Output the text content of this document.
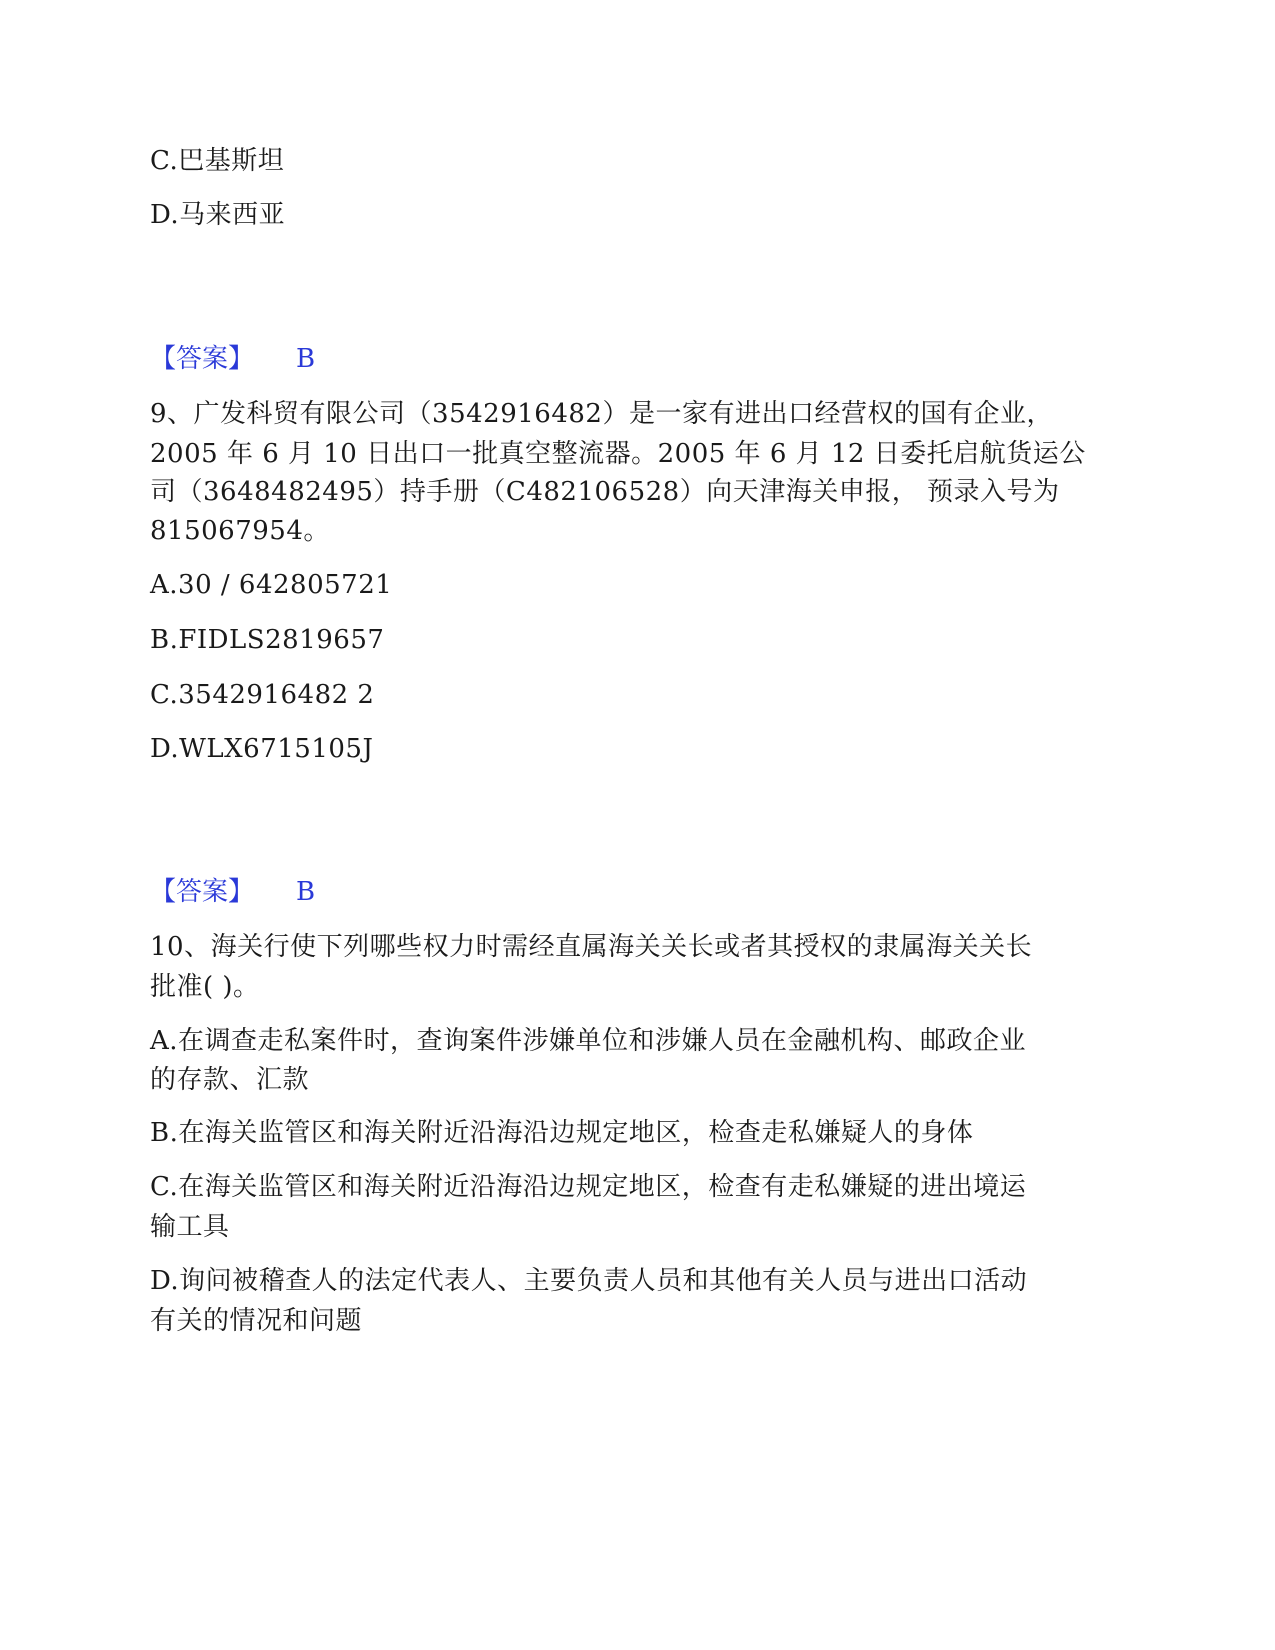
C.巴基斯坦
D.马来西亚
【答案】 B
9、广发科贸有限公司（3542916482）是一家有进出口经营权的国有企业，
2005 年 6 月 10 日出口一批真空整流器。2005 年 6 月 12 日委托启航货运公
司（3648482495）持手册（C482106528）向天津海关申报， 预录入号为
815067954。
A.30 / 642805721
B.FIDLS2819657
C.3542916482 2
D.WLX6715105J
【答案】 B
10、海关行使下列哪些权力时需经直属海关关长或者其授权的隶属海关关长
批准( )。
A.在调查走私案件时，查询案件涉嫌单位和涉嫌人员在金融机构、邮政企业
的存款、汇款
B.在海关监管区和海关附近沿海沿边规定地区，检查走私嫌疑人的身体
C.在海关监管区和海关附近沿海沿边规定地区，检查有走私嫌疑的进出境运
输工具
D.询问被稽查人的法定代表人、主要负责人员和其他有关人员与进出口活动
有关的情况和问题
